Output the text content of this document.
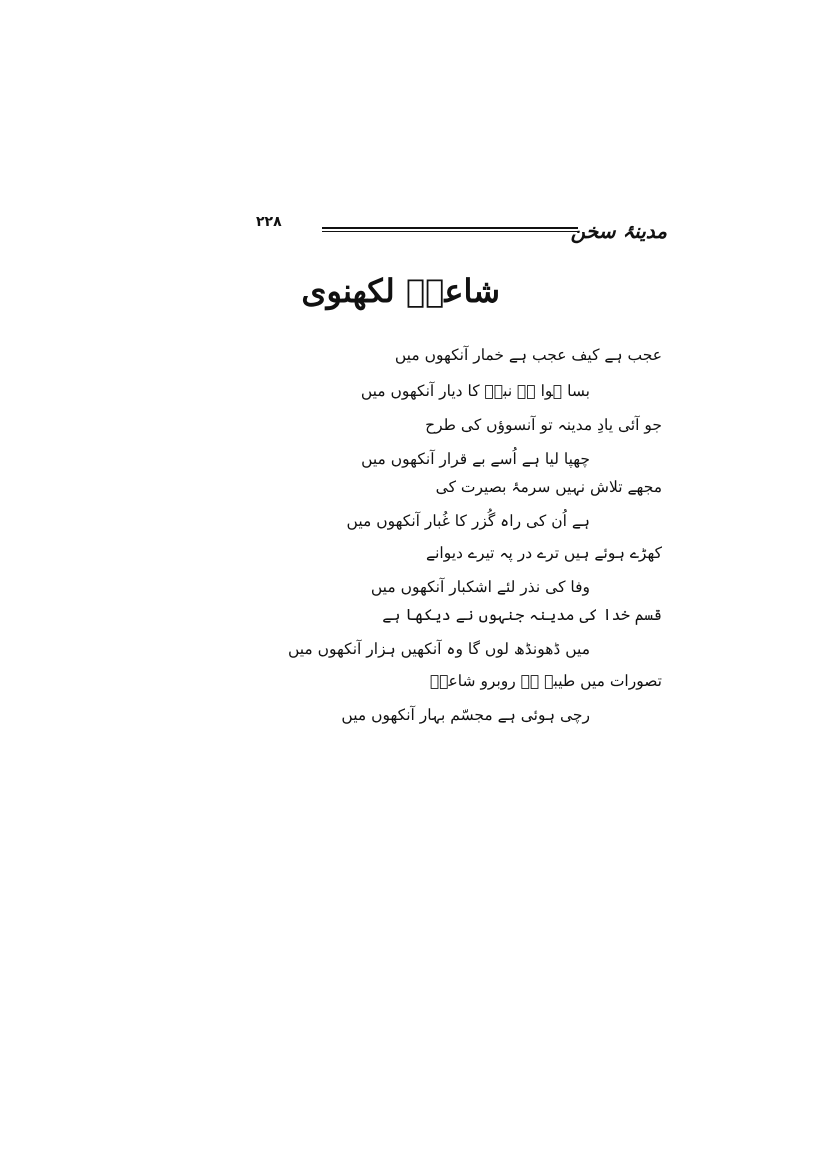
۲۲۸	مدینۂ سخن
شاعرؔ لکھنوی

عجب ہے کیف عجب ہے خمار آنکھوں میں

بسا ہوا ہے نبیؐ کا دیار آنکھوں میں

جو آئی یادِ مدینہ تو آنسوؤں کی طرح

چھپا لیا ہے اُسے بے قرار آنکھوں میں

مجھے تلاش نہیں سرمۂ بصیرت کی

ہے اُن کی راہ گُزر کا غُبار آنکھوں میں

کھڑے ہوئے ہیں ترے در پہ تیرے دیوانے

وفا کی نذر لئے اشکبار آنکھوں میں

قسم خدا کی مدینہ جنہوں نے دیکھا ہے

میں ڈھونڈھ لوں گا وہ آنکھیں ہزار آنکھوں میں

تصورات میں طیبہ ہے روبرو شاعرؔ

رچی ہوئی ہے مجسّم بہار آنکھوں میں
